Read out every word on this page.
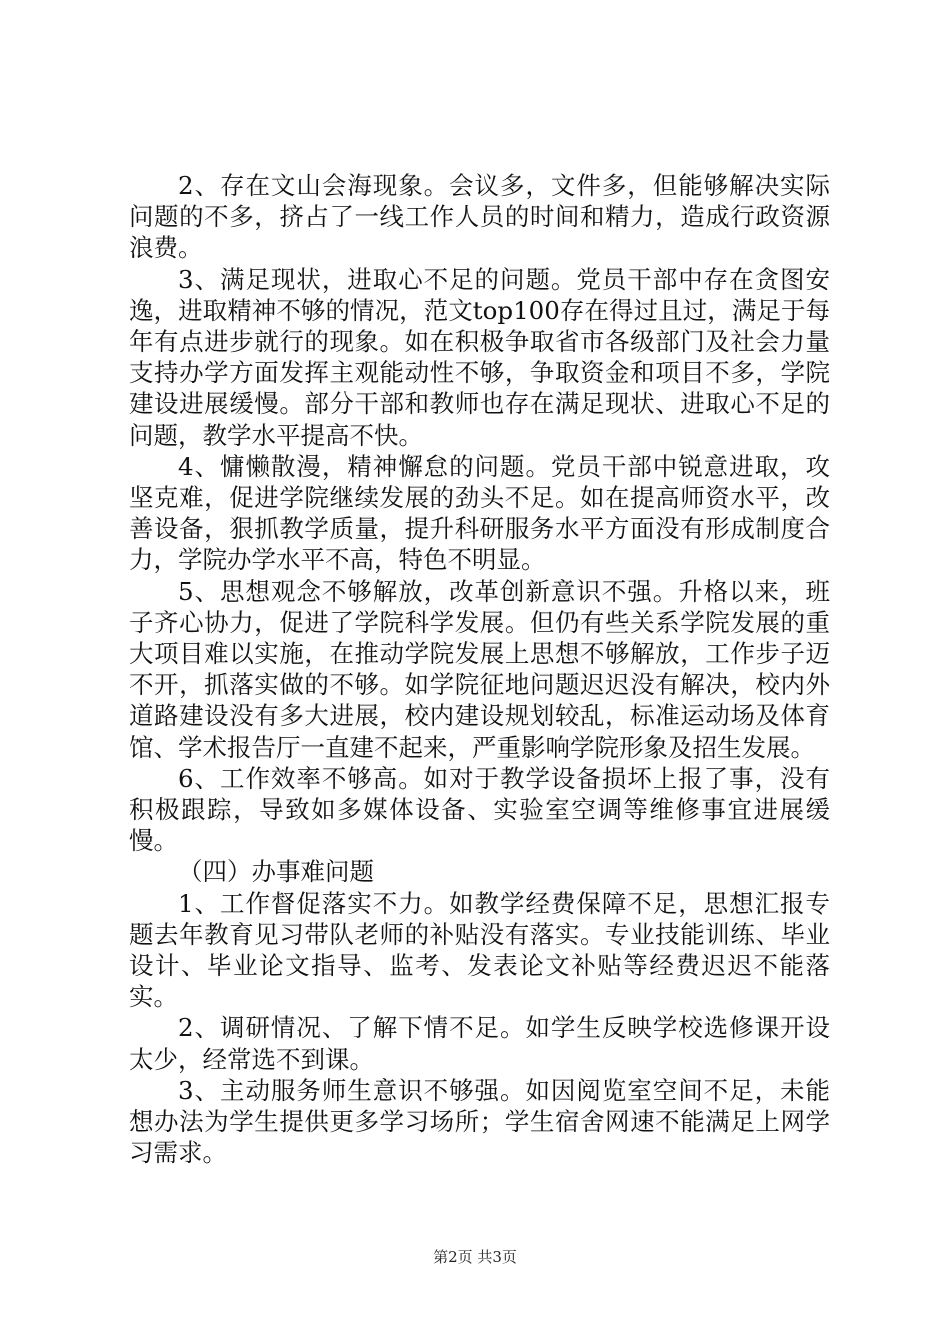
2、存在文山会海现象。会议多，文件多，但能够解决实际问题的不多，挤占了一线工作人员的时间和精力，造成行政资源浪费。

3、满足现状，进取心不足的问题。党员干部中存在贪图安逸，进取精神不够的情况，范文top100存在得过且过，满足于每年有点进步就行的现象。如在积极争取省市各级部门及社会力量支持办学方面发挥主观能动性不够，争取资金和项目不多，学院建设进展缓慢。部分干部和教师也存在满足现状、进取心不足的问题，教学水平提高不快。

4、慵懒散漫，精神懈怠的问题。党员干部中锐意进取，攻坚克难，促进学院继续发展的劲头不足。如在提高师资水平，改善设备，狠抓教学质量，提升科研服务水平方面没有形成制度合力，学院办学水平不高，特色不明显。

5、思想观念不够解放，改革创新意识不强。升格以来，班子齐心协力，促进了学院科学发展。但仍有些关系学院发展的重大项目难以实施，在推动学院发展上思想不够解放，工作步子迈不开，抓落实做的不够。如学院征地问题迟迟没有解决，校内外道路建设没有多大进展，校内建设规划较乱，标准运动场及体育馆、学术报告厅一直建不起来，严重影响学院形象及招生发展。

6、工作效率不够高。如对于教学设备损坏上报了事，没有积极跟踪，导致如多媒体设备、实验室空调等维修事宜进展缓慢。

（四）办事难问题

1、工作督促落实不力。如教学经费保障不足，思想汇报专题去年教育见习带队老师的补贴没有落实。专业技能训练、毕业设计、毕业论文指导、监考、发表论文补贴等经费迟迟不能落实。

2、调研情况、了解下情不足。如学生反映学校选修课开设太少，经常选不到课。

3、主动服务师生意识不够强。如因阅览室空间不足，未能想办法为学生提供更多学习场所；学生宿舍网速不能满足上网学习需求。

第2页 共3页
